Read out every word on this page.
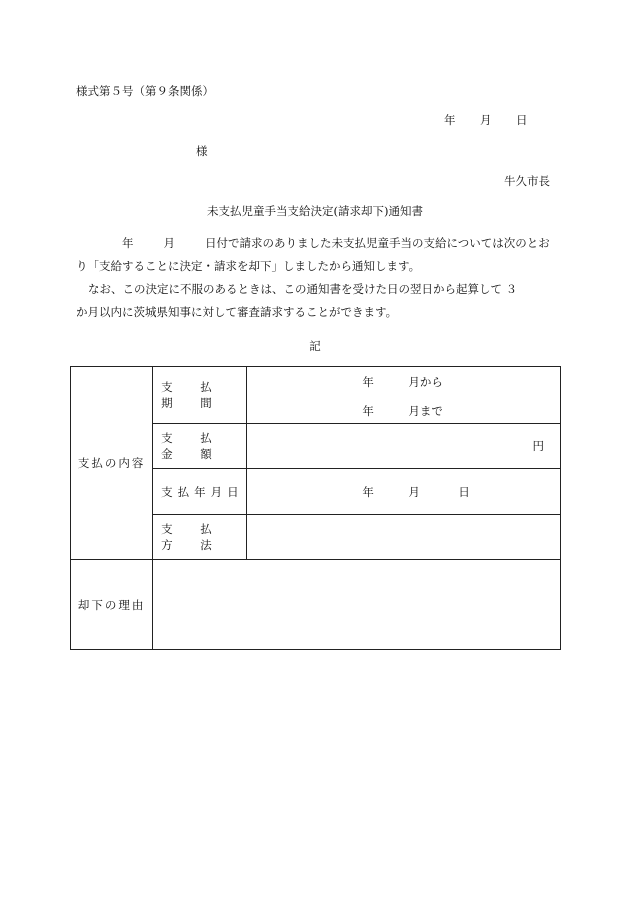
様式第５号（第９条関係）
年 月 日
様
牛久市長
未支払児童手当支給決定(請求却下)通知書

年	月	日付で請求のありました未支払児童手当の支給については次のとお

り「支給することに決定・請求を却下」しましたから通知します。

なお、この決定に不服のあるときは、この通知書を受けた日の翌日から起算して ３

か月以内に茨城県知事に対して審査請求することができます。

記
支払の内容	支 払 期 間	年 月から
年 月まで

	支 払 金 額	円
	支払年月日	年 月 日

	支 払 方 法	
却下の理由		
